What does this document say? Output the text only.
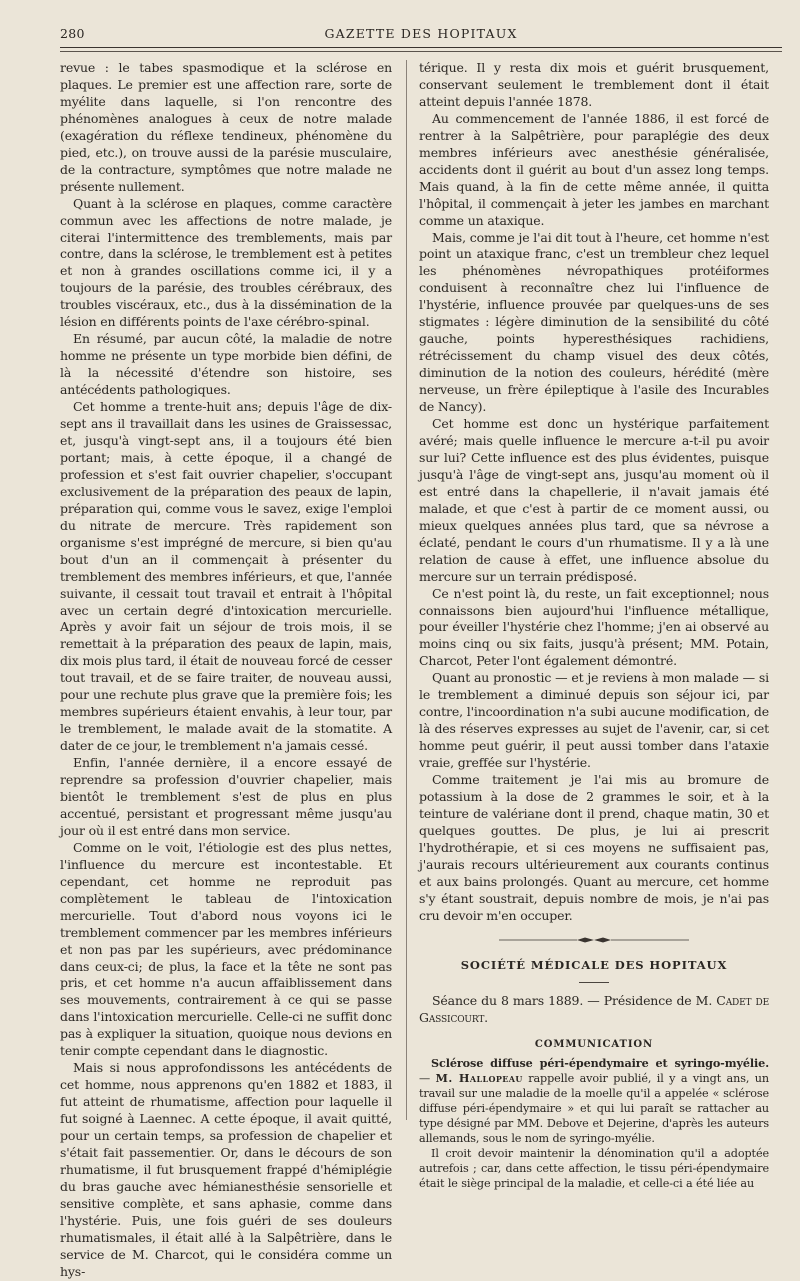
280	GAZETTE DES HOPITAUX

revue : le tabes spasmodique et la sclérose en plaques. Le premier est une affection rare, sorte de myélite dans laquelle, si l'on rencontre des phénomènes analogues à ceux de notre malade (exagération du réflexe tendineux, phénomène du pied, etc.), on trouve aussi de la parésie musculaire, de la contracture, symptômes que notre malade ne présente nullement.

Quant à la sclérose en plaques, comme caractère commun avec les affections de notre malade, je citerai l'intermittence des tremblements, mais par contre, dans la sclérose, le tremblement est à petites et non à grandes oscillations comme ici, il y a toujours de la parésie, des troubles cérébraux, des troubles viscéraux, etc., dus à la dissémination de la lésion en différents points de l'axe cérébro-spinal.

En résumé, par aucun côté, la maladie de notre homme ne présente un type morbide bien défini, de là la nécessité d'étendre son histoire, ses antécédents pathologiques.

Cet homme a trente-huit ans; depuis l'âge de dix-sept ans il travaillait dans les usines de Graissessac, et, jusqu'à vingt-sept ans, il a toujours été bien portant; mais, à cette époque, il a changé de profession et s'est fait ouvrier chapelier, s'occupant exclusivement de la préparation des peaux de lapin, préparation qui, comme vous le savez, exige l'emploi du nitrate de mercure. Très rapidement son organisme s'est imprégné de mercure, si bien qu'au bout d'un an il commençait à présenter du tremblement des membres inférieurs, et que, l'année suivante, il cessait tout travail et entrait à l'hôpital avec un certain degré d'intoxication mercurielle. Après y avoir fait un séjour de trois mois, il se remettait à la préparation des peaux de lapin, mais, dix mois plus tard, il était de nouveau forcé de cesser tout travail, et de se faire traiter, de nouveau aussi, pour une rechute plus grave que la première fois; les membres supérieurs étaient envahis, à leur tour, par le tremblement, le malade avait de la stomatite. A dater de ce jour, le tremblement n'a jamais cessé.

Enfin, l'année dernière, il a encore essayé de reprendre sa profession d'ouvrier chapelier, mais bientôt le tremblement s'est de plus en plus accentué, persistant et progressant même jusqu'au jour où il est entré dans mon service.

Comme on le voit, l'étiologie est des plus nettes, l'influence du mercure est incontestable. Et cependant, cet homme ne reproduit pas complètement le tableau de l'intoxication mercurielle. Tout d'abord nous voyons ici le tremblement commencer par les membres inférieurs et non pas par les supérieurs, avec prédominance dans ceux-ci; de plus, la face et la tête ne sont pas pris, et cet homme n'a aucun affaiblissement dans ses mouvements, contrairement à ce qui se passe dans l'intoxication mercurielle. Celle-ci ne suffit donc pas à expliquer la situation, quoique nous devions en tenir compte cependant dans le diagnostic.

Mais si nous approfondissons les antécédents de cet homme, nous apprenons qu'en 1882 et 1883, il fut atteint de rhumatisme, affection pour laquelle il fut soigné à Laennec. A cette époque, il avait quitté, pour un certain temps, sa profession de chapelier et s'était fait passementier. Or, dans le décours de son rhumatisme, il fut brusquement frappé d'hémiplégie du bras gauche avec hémianesthésie sensorielle et sensitive complète, et sans aphasie, comme dans l'hystérie. Puis, une fois guéri de ses douleurs rhumatismales, il était allé à la Salpêtrière, dans le service de M. Charcot, qui le considéra comme un hys-

térique. Il y resta dix mois et guérit brusquement, conservant seulement le tremblement dont il était atteint depuis l'année 1878.

Au commencement de l'année 1886, il est forcé de rentrer à la Salpêtrière, pour paraplégie des deux membres inférieurs avec anesthésie généralisée, accidents dont il guérit au bout d'un assez long temps. Mais quand, à la fin de cette même année, il quitta l'hôpital, il commençait à jeter les jambes en marchant comme un ataxique.

Mais, comme je l'ai dit tout à l'heure, cet homme n'est point un ataxique franc, c'est un trembleur chez lequel les phénomènes névropathiques protéiformes conduisent à reconnaître chez lui l'influence de l'hystérie, influence prouvée par quelques-uns de ses stigmates : légère diminution de la sensibilité du côté gauche, points hyperesthésiques rachidiens, rétrécissement du champ visuel des deux côtés, diminution de la notion des couleurs, hérédité (mère nerveuse, un frère épileptique à l'asile des Incurables de Nancy).

Cet homme est donc un hystérique parfaitement avéré; mais quelle influence le mercure a-t-il pu avoir sur lui? Cette influence est des plus évidentes, puisque jusqu'à l'âge de vingt-sept ans, jusqu'au moment où il est entré dans la chapellerie, il n'avait jamais été malade, et que c'est à partir de ce moment aussi, ou mieux quelques années plus tard, que sa névrose a éclaté, pendant le cours d'un rhumatisme. Il y a là une relation de cause à effet, une influence absolue du mercure sur un terrain prédisposé.

Ce n'est point là, du reste, un fait exceptionnel; nous connaissons bien aujourd'hui l'influence métallique, pour éveiller l'hystérie chez l'homme; j'en ai observé au moins cinq ou six faits, jusqu'à présent; MM. Potain, Charcot, Peter l'ont également démontré.

Quant au pronostic — et je reviens à mon malade — si le tremblement a diminué depuis son séjour ici, par contre, l'incoordination n'a subi aucune modification, de là des réserves expresses au sujet de l'avenir, car, si cet homme peut guérir, il peut aussi tomber dans l'ataxie vraie, greffée sur l'hystérie.

Comme traitement je l'ai mis au bromure de potassium à la dose de 2 grammes le soir, et à la teinture de valériane dont il prend, chaque matin, 30 et quelques gouttes. De plus, je lui ai prescrit l'hydrothérapie, et si ces moyens ne suffisaient pas, j'aurais recours ultérieurement aux courants continus et aux bains prolongés. Quant au mercure, cet homme s'y étant soustrait, depuis nombre de mois, je n'ai pas cru devoir m'en occuper.

SOCIÉTÉ MÉDICALE DES HOPITAUX

Séance du 8 mars 1889. — Présidence de M. Cadet de Gassicourt.

COMMUNICATION

Sclérose diffuse péri-épendymaire et syringo-myélie. — M. Hallopeau rappelle avoir publié, il y a vingt ans, un travail sur une maladie de la moelle qu'il a appelée « sclérose diffuse péri-épendymaire » et qui lui paraît se rattacher au type désigné par MM. Debove et Dejerine, d'après les auteurs allemands, sous le nom de syringo-myélie.

Il croit devoir maintenir la dénomination qu'il a adoptée autrefois ; car, dans cette affection, le tissu péri-épendymaire était le siège principal de la maladie, et celle-ci a été liée au
